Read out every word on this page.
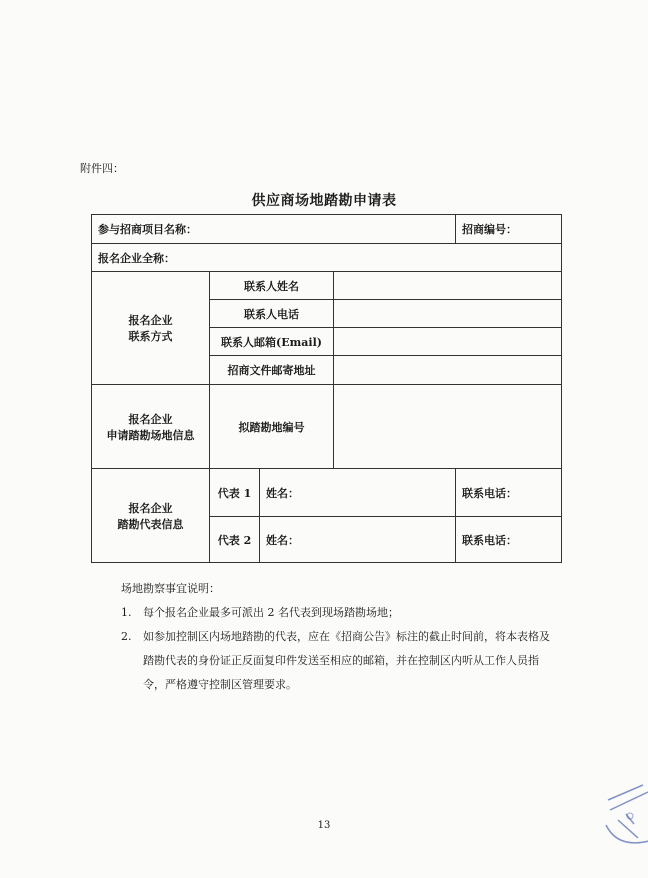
附件四：
供应商场地踏勘申请表
参与招商项目名称：				招商编号：
报名企业全称：				

报名企业
联系方式	联系人姓名			
	联系人电话			
	联系人邮箱(Email)			
	招商文件邮寄地址			

报名企业
申请踏勘场地信息	拟踏勘地编号			

报名企业
踏勘代表信息	代表 1	姓名：		联系电话：
	代表 2	姓名：		联系电话：
场地勘察事宜说明：
1.	每个报名企业最多可派出 2 名代表到现场踏勘场地；
2.	如参加控制区内场地踏勘的代表，应在《招商公告》标注的截止时间前，将本表格及踏勘代表的身份证正反面复印件发送至相应的邮箱，并在控制区内听从工作人员指令，严格遵守控制区管理要求。
13
